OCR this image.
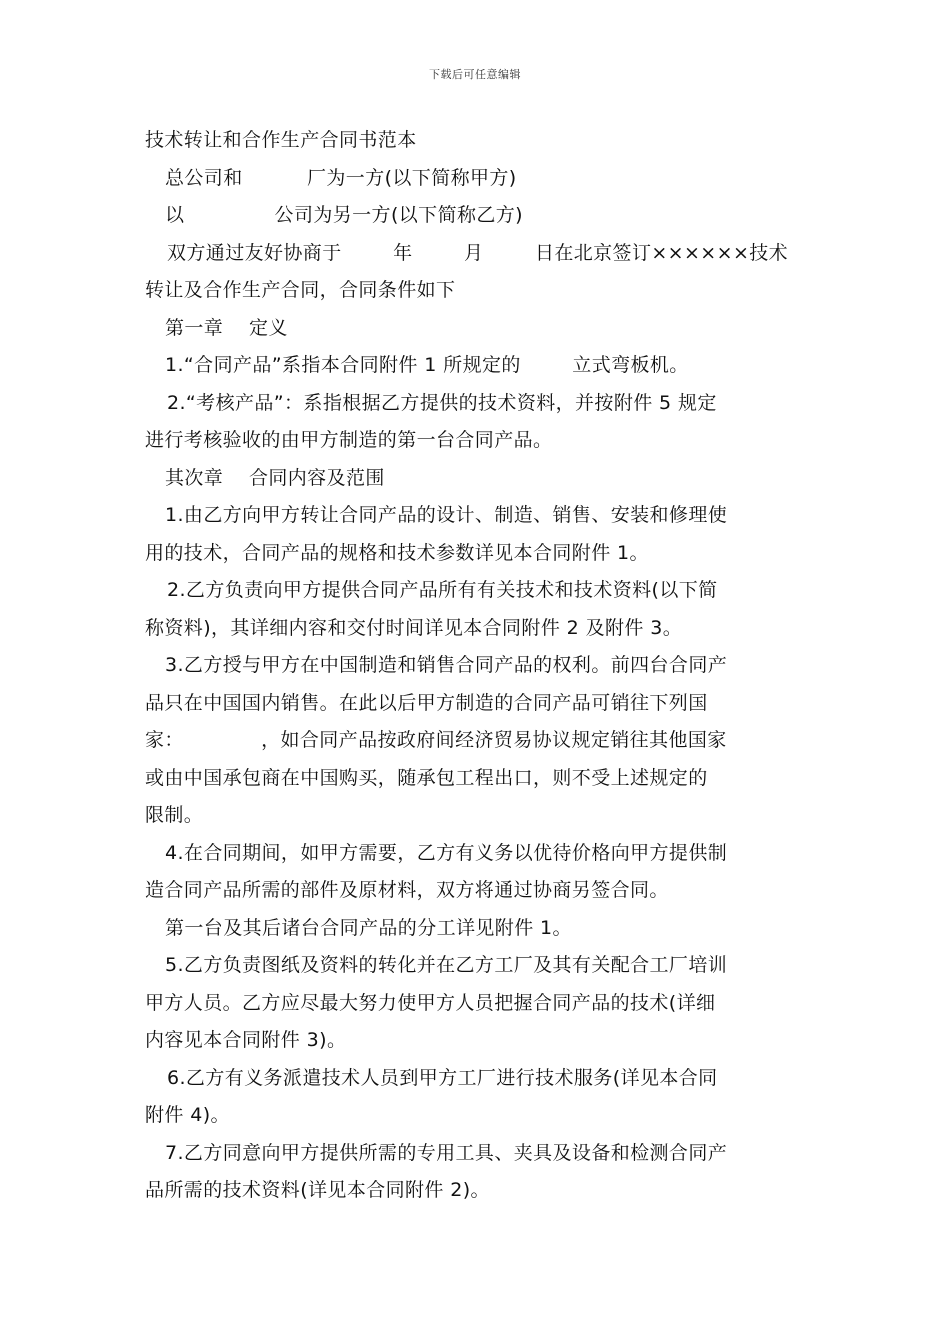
下载后可任意编辑
技术转让和合作生产合同书范本
总公司和          厂为一方(以下简称甲方)
以              公司为另一方(以下简称乙方)
双方通过友好协商于        年        月        日在北京签订××××××技术
转让及合作生产合同，合同条件如下
第一章    定义
1.“合同产品”系指本合同附件 1 所规定的        立式弯板机。
2.“考核产品”：系指根据乙方提供的技术资料，并按附件 5 规定
进行考核验收的由甲方制造的第一台合同产品。
其次章    合同内容及范围
1.由乙方向甲方转让合同产品的设计、制造、销售、安装和修理使
用的技术，合同产品的规格和技术参数详见本合同附件 1。
2.乙方负责向甲方提供合同产品所有有关技术和技术资料(以下简
称资料)，其详细内容和交付时间详见本合同附件 2 及附件 3。
3.乙方授与甲方在中国制造和销售合同产品的权利。前四台合同产
品只在中国国内销售。在此以后甲方制造的合同产品可销往下列国
家：            ，如合同产品按政府间经济贸易协议规定销往其他国家
或由中国承包商在中国购买，随承包工程出口，则不受上述规定的
限制。
4.在合同期间，如甲方需要，乙方有义务以优待价格向甲方提供制
造合同产品所需的部件及原材料，双方将通过协商另签合同。
第一台及其后诸台合同产品的分工详见附件 1。
5.乙方负责图纸及资料的转化并在乙方工厂及其有关配合工厂培训
甲方人员。乙方应尽最大努力使甲方人员把握合同产品的技术(详细
内容见本合同附件 3)。
6.乙方有义务派遣技术人员到甲方工厂进行技术服务(详见本合同
附件 4)。
7.乙方同意向甲方提供所需的专用工具、夹具及设备和检测合同产
品所需的技术资料(详见本合同附件 2)。
